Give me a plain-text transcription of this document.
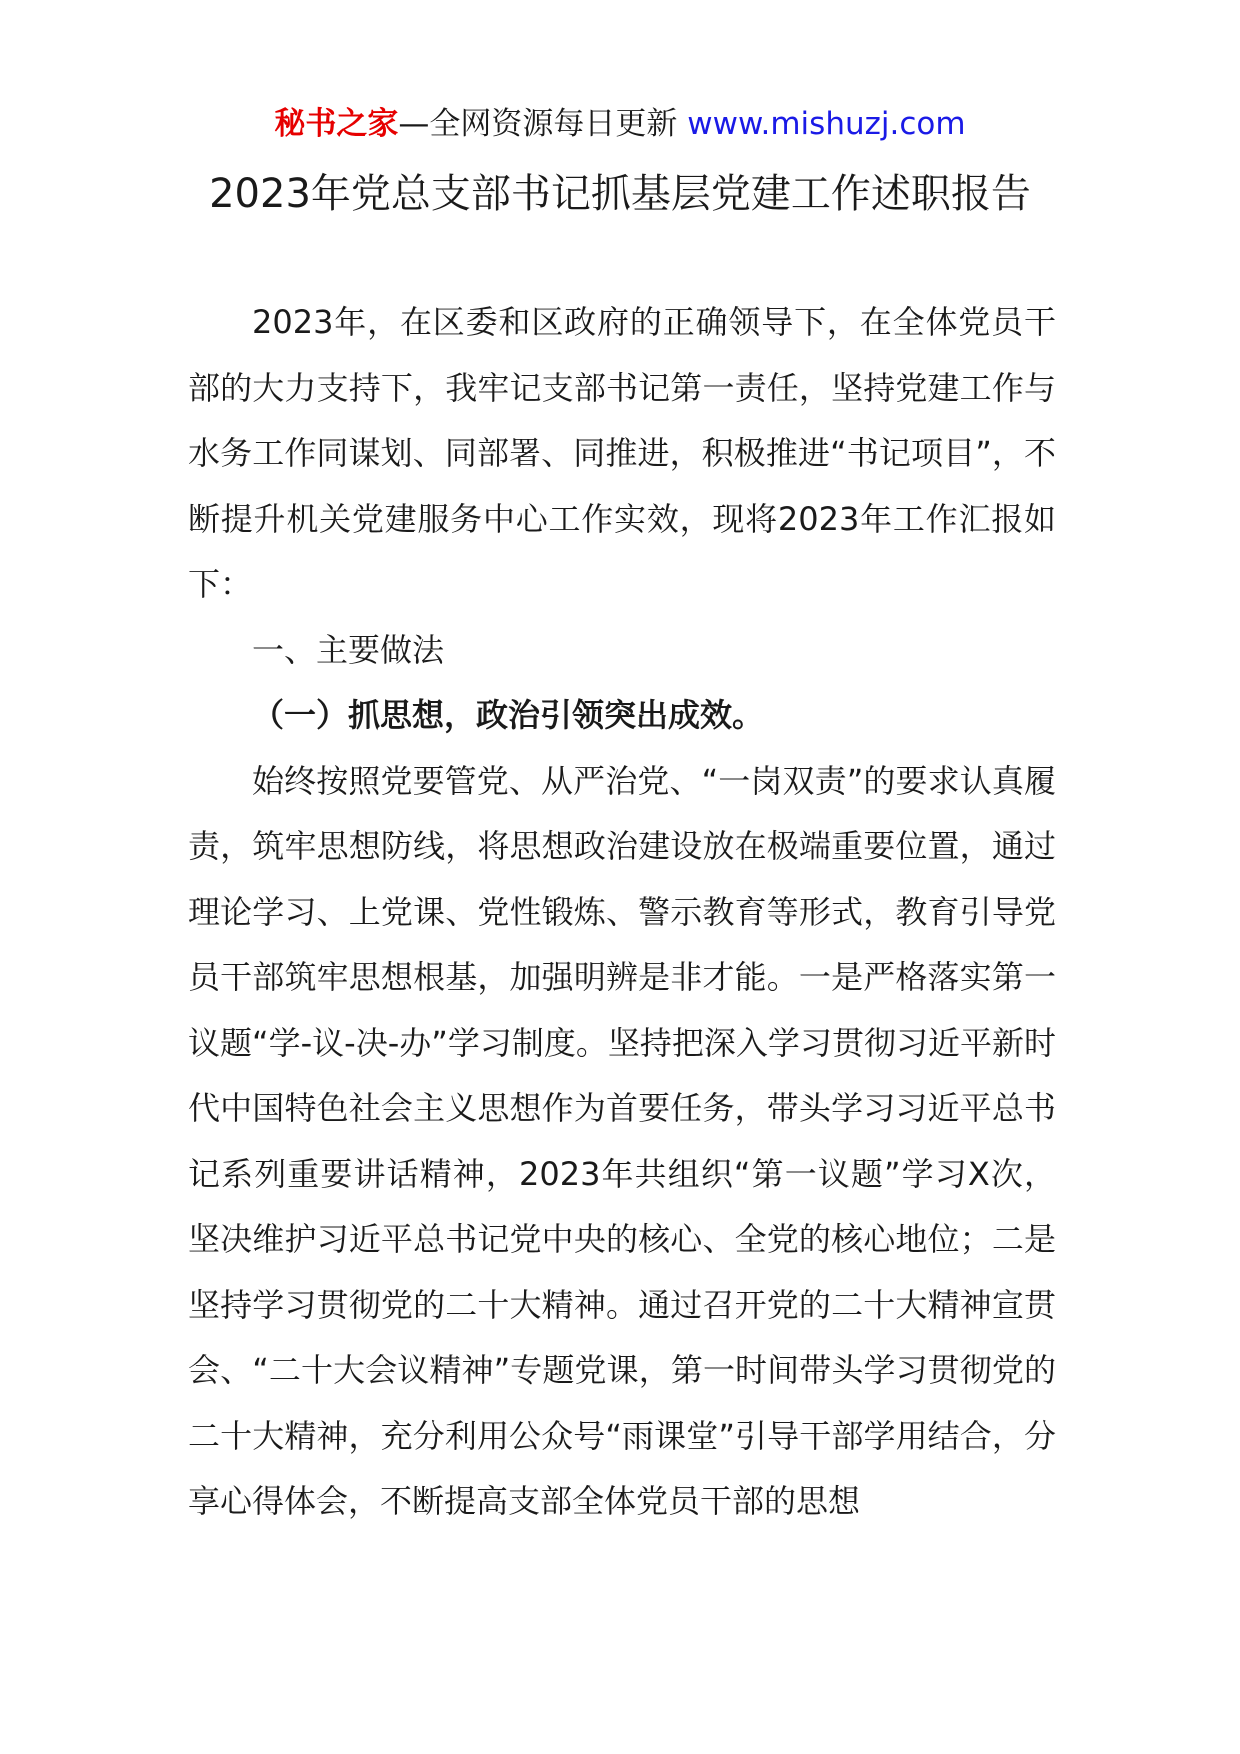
秘书之家—全网资源每日更新 www.mishuzj.com
2023年党总支部书记抓基层党建工作述职报告

2023年，在区委和区政府的正确领导下，在全体党员干部的大力支持下，我牢记支部书记第一责任，坚持党建工作与水务工作同谋划、同部署、同推进，积极推进“书记项目”，不断提升机关党建服务中心工作实效，现将2023年工作汇报如下：

一、主要做法

（一）抓思想，政治引领突出成效。

始终按照党要管党、从严治党、“一岗双责”的要求认真履责，筑牢思想防线，将思想政治建设放在极端重要位置，通过理论学习、上党课、党性锻炼、警示教育等形式，教育引导党员干部筑牢思想根基，加强明辨是非才能。一是严格落实第一议题“学-议-决-办”学习制度。坚持把深入学习贯彻习近平新时代中国特色社会主义思想作为首要任务，带头学习习近平总书记系列重要讲话精神，2023年共组织“第一议题”学习X次，坚决维护习近平总书记党中央的核心、全党的核心地位；二是坚持学习贯彻党的二十大精神。通过召开党的二十大精神宣贯会、“二十大会议精神”专题党课，第一时间带头学习贯彻党的二十大精神，充分利用公众号“雨课堂”引导干部学用结合，分享心得体会，不断提高支部全体党员干部的思想
